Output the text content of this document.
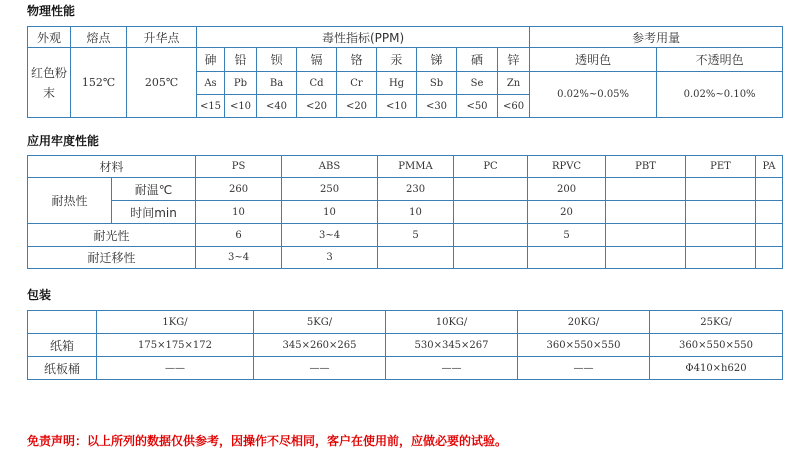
物理性能
外观	熔点	升华点	毒性指标(PPM)									参考用量	
红色粉末	152℃	205℃	砷	铅	钡	镉	铬	汞	锑	硒	锌	透明色	不透明色
			As	Pb	Ba	Cd	Cr	Hg	Sb	Se	Zn	0.02%~0.05%	0.02%~0.10%
			<15	<10	<40	<20	<20	<10	<30	<50	<60		
应用牢度性能
材料		PS	ABS	PMMA	PC	RPVC	PBT	PET	PA
耐热性	耐温℃	260	250	230		200			
	时间min	10	10	10		20			
耐光性		6	3~4	5		5			
耐迁移性		3~4	3						
包装
	1KG/	5KG/	10KG/	20KG/	25KG/
纸箱	175×175×172	345×260×265	530×345×267	360×550×550	360×550×550
纸板桶	——	——	——	——	Φ410×h620
免责声明：以上所列的数据仅供参考，因操作不尽相同，客户在使用前，应做必要的试验。
